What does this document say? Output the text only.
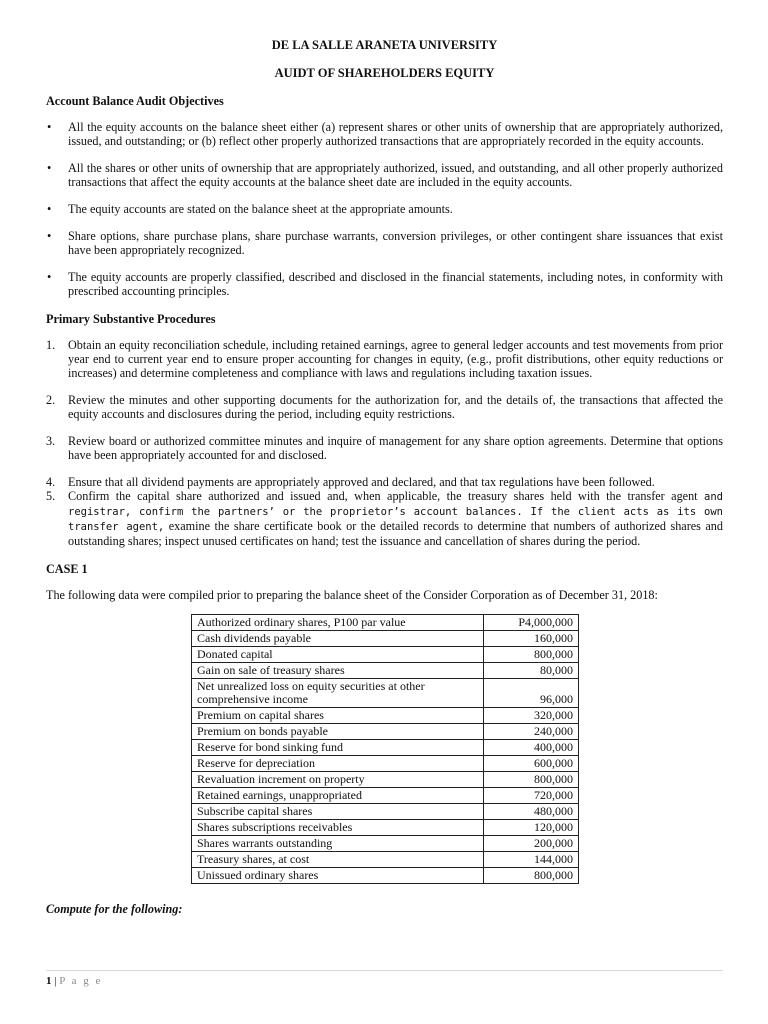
DE LA SALLE ARANETA UNIVERSITY

AUIDT OF SHAREHOLDERS EQUITY

Account Balance Audit Objectives

• All the equity accounts on the balance sheet either (a) represent shares or other units of ownership that are appropriately authorized, issued, and outstanding; or (b) reflect other properly authorized transactions that are appropriately recorded in the equity accounts.
• All the shares or other units of ownership that are appropriately authorized, issued, and outstanding, and all other properly authorized transactions that affect the equity accounts at the balance sheet date are included in the equity accounts.
• The equity accounts are stated on the balance sheet at the appropriate amounts.
• Share options, share purchase plans, share purchase warrants, conversion privileges, or other contingent share issuances that exist have been appropriately recognized.
• The equity accounts are properly classified, described and disclosed in the financial statements, including notes, in conformity with prescribed accounting principles.

Primary Substantive Procedures

1. Obtain an equity reconciliation schedule, including retained earnings, agree to general ledger accounts and test movements from prior year end to current year end to ensure proper accounting for changes in equity, (e.g., profit distributions, other equity reductions or increases) and determine completeness and compliance with laws and regulations including taxation issues.
2. Review the minutes and other supporting documents for the authorization for, and the details of, the transactions that affected the equity accounts and disclosures during the period, including equity restrictions.
3. Review board or authorized committee minutes and inquire of management for any share option agreements. Determine that options have been appropriately accounted for and disclosed.
4. Ensure that all dividend payments are appropriately approved and declared, and that tax regulations have been followed.
5. Confirm the capital share authorized and issued and, when applicable, the treasury shares held with the transfer agent and registrar, confirm the partners’ or the proprietor’s account balances. If the client acts as its own transfer agent, examine the share certificate book or the detailed records to determine that numbers of authorized shares and outstanding shares; inspect unused certificates on hand; test the issuance and cancellation of shares during the period.

CASE 1

The following data were compiled prior to preparing the balance sheet of the Consider Corporation as of December 31, 2018:

Authorized ordinary shares, P100 par value	P4,000,000
Cash dividends payable	160,000
Donated capital	800,000
Gain on sale of treasury shares	80,000
Net unrealized loss on equity securities at other comprehensive income	96,000
Premium on capital shares	320,000
Premium on bonds payable	240,000
Reserve for bond sinking fund	400,000
Reserve for depreciation	600,000
Revaluation increment on property	800,000
Retained earnings, unappropriated	720,000
Subscribe capital shares	480,000
Shares subscriptions receivables	120,000
Shares warrants outstanding	200,000
Treasury shares, at cost	144,000
Unissued ordinary shares	800,000

Compute for the following:

1 | P a g e
